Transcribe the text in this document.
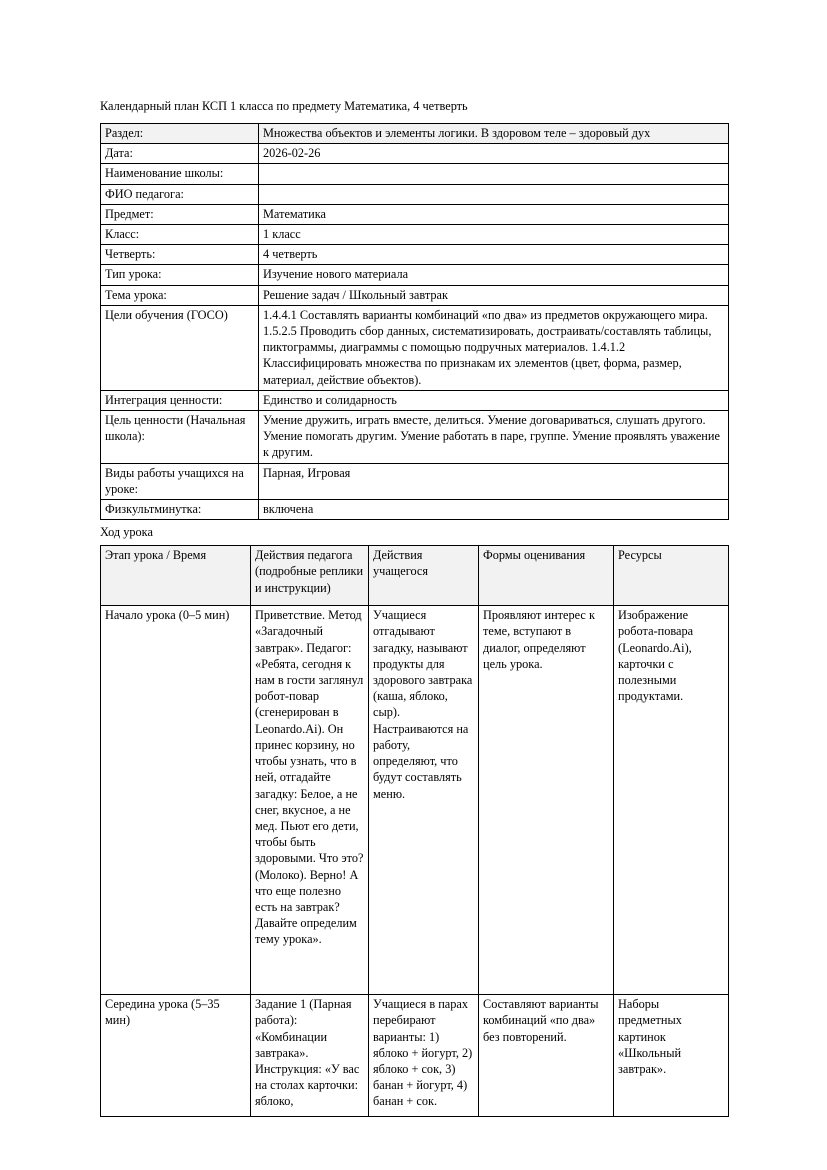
Календарный план КСП 1 класса по предмету Математика, 4 четверть

Раздел:	Множества объектов и элементы логики. В здоровом теле – здоровый дух
Дата:	2026-02-26
Наименование школы:	
ФИО педагога:	
Предмет:	Математика
Класс:	1 класс
Четверть:	4 четверть
Тип урока:	Изучение нового материала
Тема урока:	Решение задач / Школьный завтрак
Цели обучения (ГОСО)	1.4.4.1 Составлять варианты комбинаций «по два» из предметов окружающего мира. 1.5.2.5 Проводить сбор данных, систематизировать, достраивать/составлять таблицы, пиктограммы, диаграммы с помощью подручных материалов. 1.4.1.2 Классифицировать множества по признакам их элементов (цвет, форма, размер, материал, действие объектов).
Интеграция ценности:	Единство и солидарность
Цель ценности (Начальная школа):	Умение дружить, играть вместе, делиться. Умение договариваться, слушать другого. Умение помогать другим. Умение работать в паре, группе. Умение проявлять уважение к другим.
Виды работы учащихся на уроке:	Парная, Игровая
Физкультминутка:	включена

Ход урока

Этап урока / Время	Действия педагога (подробные реплики и инструкции)	Действия учащегося	Формы оценивания	Ресурсы
Начало урока (0–5 мин)	Приветствие. Метод «Загадочный завтрак». Педагог: «Ребята, сегодня к нам в гости заглянул робот-повар (сгенерирован в Leonardo.Ai). Он принес корзину, но чтобы узнать, что в ней, отгадайте загадку: Белое, а не снег, вкусное, а не мед. Пьют его дети, чтобы быть здоровыми. Что это? (Молоко). Верно! А что еще полезно есть на завтрак? Давайте определим тему урока».	Учащиеся отгадывают загадку, называют продукты для здорового завтрака (каша, яблоко, сыр). Настраиваются на работу, определяют, что будут составлять меню.	Проявляют интерес к теме, вступают в диалог, определяют цель урока.	Изображение робота-повара (Leonardo.Ai), карточки с полезными продуктами.
Середина урока (5–35 мин)	Задание 1 (Парная работа): «Комбинации завтрака». Инструкция: «У вас на столах карточки: яблоко,	Учащиеся в парах перебирают варианты: 1) яблоко + йогурт, 2) яблоко + сок, 3) банан + йогурт, 4) банан + сок.	Составляют варианты комбинаций «по два» без повторений.	Наборы предметных картинок «Школьный завтрак».
